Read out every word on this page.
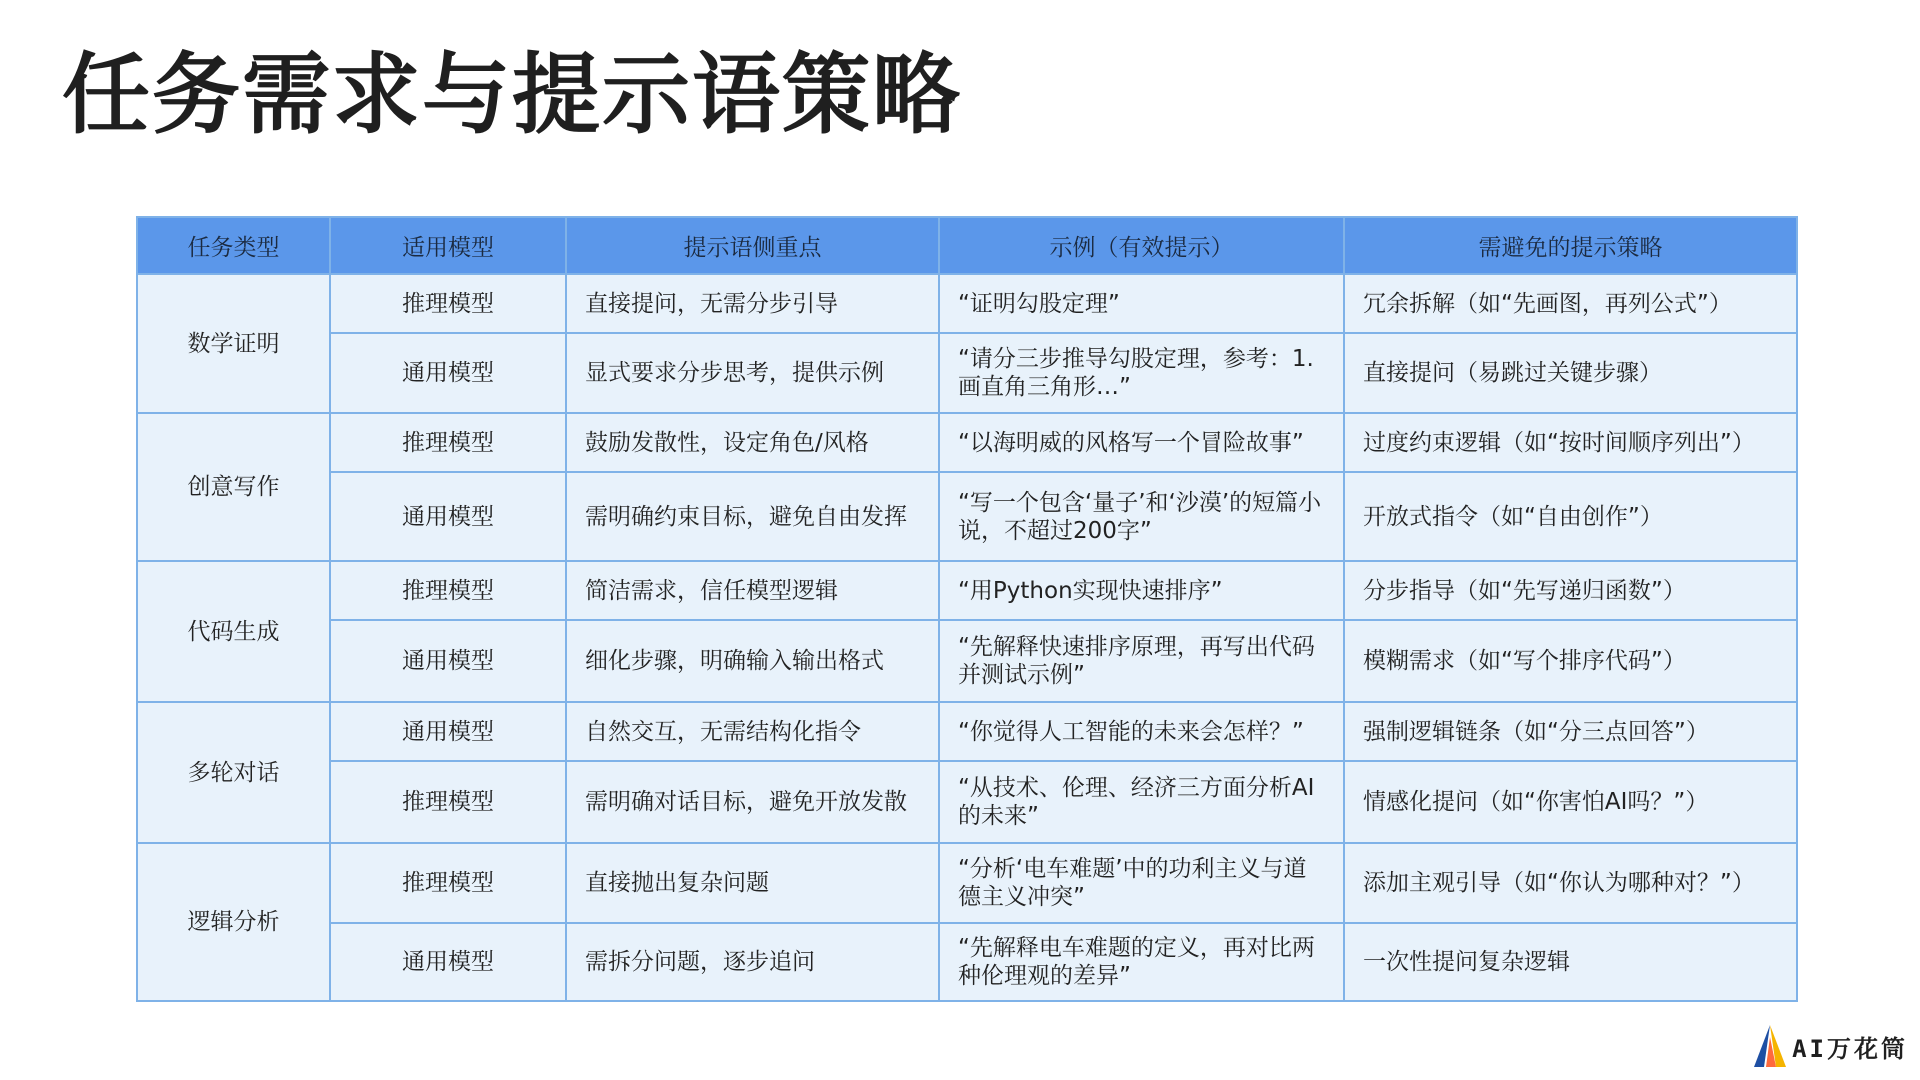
任务需求与提示语策略
任务类型	适用模型	提示语侧重点	示例（有效提示）	需避免的提示策略
数学证明	推理模型	直接提问，无需分步引导	“证明勾股定理”	冗余拆解（如“先画图，再列公式”）
	通用模型	显式要求分步思考，提供示例	“请分三步推导勾股定理，参考：1. 画直角三角形…”	直接提问（易跳过关键步骤）
创意写作	推理模型	鼓励发散性，设定角色/风格	“以海明威的风格写一个冒险故事”	过度约束逻辑（如“按时间顺序列出”）
	通用模型	需明确约束目标，避免自由发挥	“写一个包含‘量子’和‘沙漠’的短篇小说，不超过200字”	开放式指令（如“自由创作”）
代码生成	推理模型	简洁需求，信任模型逻辑	“用Python实现快速排序”	分步指导（如“先写递归函数”）
	通用模型	细化步骤，明确输入输出格式	“先解释快速排序原理，再写出代码并测试示例”	模糊需求（如“写个排序代码”）
多轮对话	通用模型	自然交互，无需结构化指令	“你觉得人工智能的未来会怎样？”	强制逻辑链条（如“分三点回答”）
	推理模型	需明确对话目标，避免开放发散	“从技术、伦理、经济三方面分析AI的未来”	情感化提问（如“你害怕AI吗？”）
逻辑分析	推理模型	直接抛出复杂问题	“分析‘电车难题’中的功利主义与道德主义冲突”	添加主观引导（如“你认为哪种对？”）
	通用模型	需拆分问题，逐步追问	“先解释电车难题的定义，再对比两种伦理观的差异”	一次性提问复杂逻辑
AI万花筒
